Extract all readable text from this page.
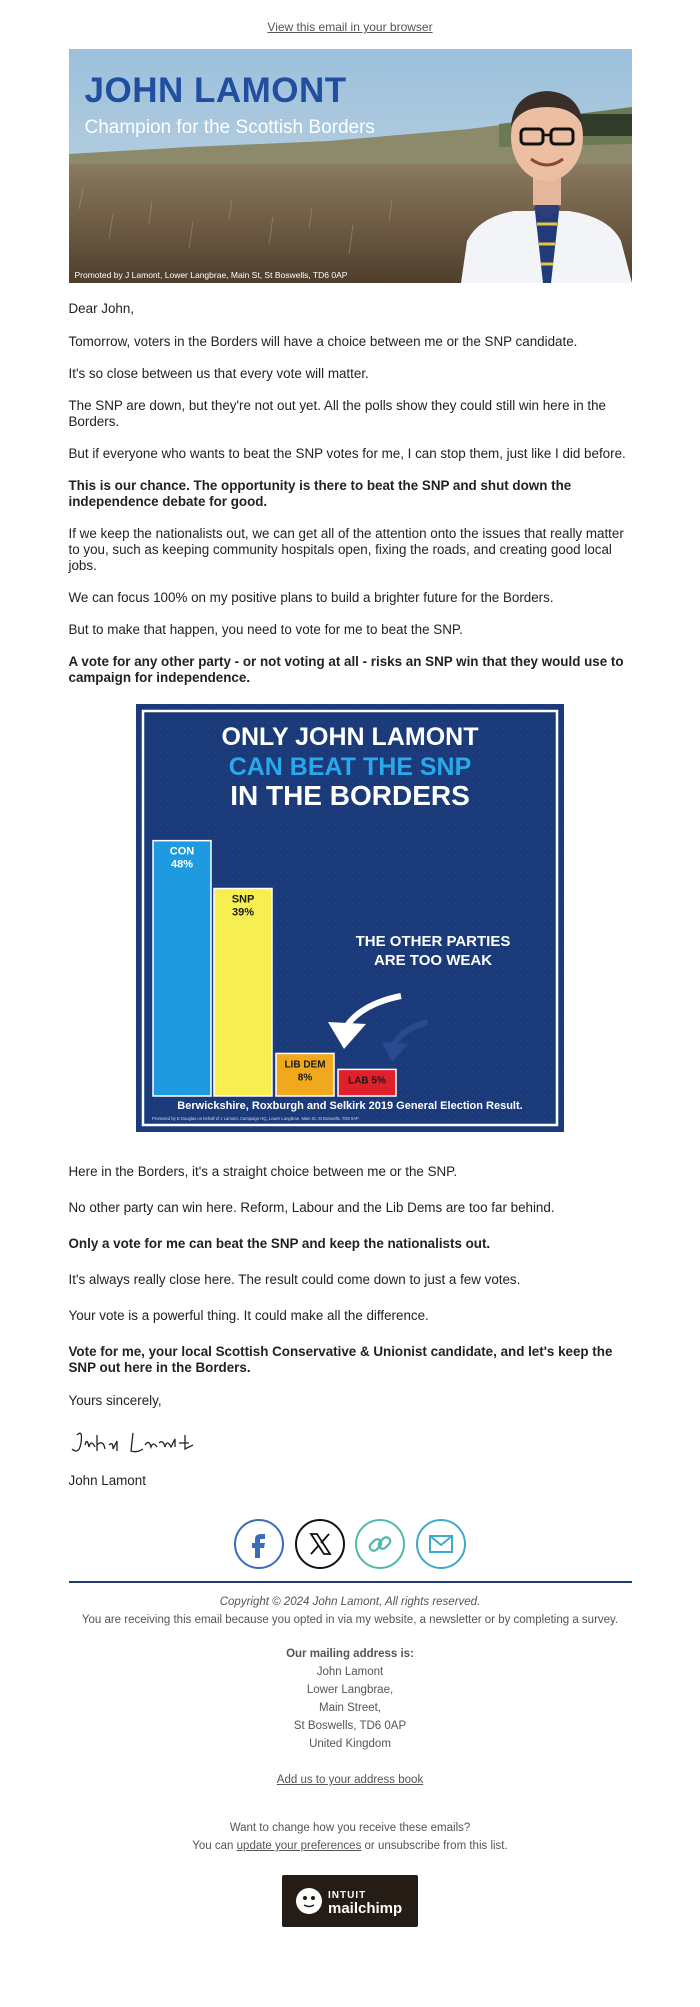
View this email in your browser
JOHN LAMONT
Champion for the Scottish Borders
Promoted by J Lamont, Lower Langbrae, Main St, St Boswells, TD6 0AP

Dear John,

Tomorrow, voters in the Borders will have a choice between me or the SNP candidate.

It's so close between us that every vote will matter.

The SNP are down, but they're not out yet. All the polls show they could still win here in the Borders.

But if everyone who wants to beat the SNP votes for me, I can stop them, just like I did before.

This is our chance. The opportunity is there to beat the SNP and shut down the independence debate for good.

If we keep the nationalists out, we can get all of the attention onto the issues that really matter to you, such as keeping community hospitals open, fixing the roads, and creating good local jobs.

We can focus 100% on my positive plans to build a brighter future for the Borders.

But to make that happen, you need to vote for me to beat the SNP.

A vote for any other party - or not voting at all - risks an SNP win that they would use to campaign for independence.

ONLY JOHN LAMONT
CAN BEAT THE SNP
IN THE BORDERS
CON
48%
SNP
39%
LIB DEM
8%	LAB 5%
THE OTHER PARTIES
ARE TOO WEAK
Berwickshire, Roxburgh and Selkirk 2019 General Election Result.
Promoted by E Douglas on behalf of J Lamont, Campaign HQ, Lower Langbrae, Main St, St Boswells, TD6 0AP

Here in the Borders, it's a straight choice between me or the SNP.

No other party can win here. Reform, Labour and the Lib Dems are too far behind.

Only a vote for me can beat the SNP and keep the nationalists out.

It's always really close here. The result could come down to just a few votes.

Your vote is a powerful thing. It could make all the difference.

Vote for me, your local Scottish Conservative & Unionist candidate, and let's keep the SNP out here in the Borders.

Yours sincerely,

John Lamont

John Lamont

Copyright © 2024 John Lamont, All rights reserved.
You are receiving this email because you opted in via my website, a newsletter or by completing a survey.
Our mailing address is:
John Lamont
Lower Langbrae,
Main Street,
St Boswells, TD6 0AP
United Kingdom
Add us to your address book
Want to change how you receive these emails?
You can update your preferences or unsubscribe from this list.
INTUIT
mailchimp
